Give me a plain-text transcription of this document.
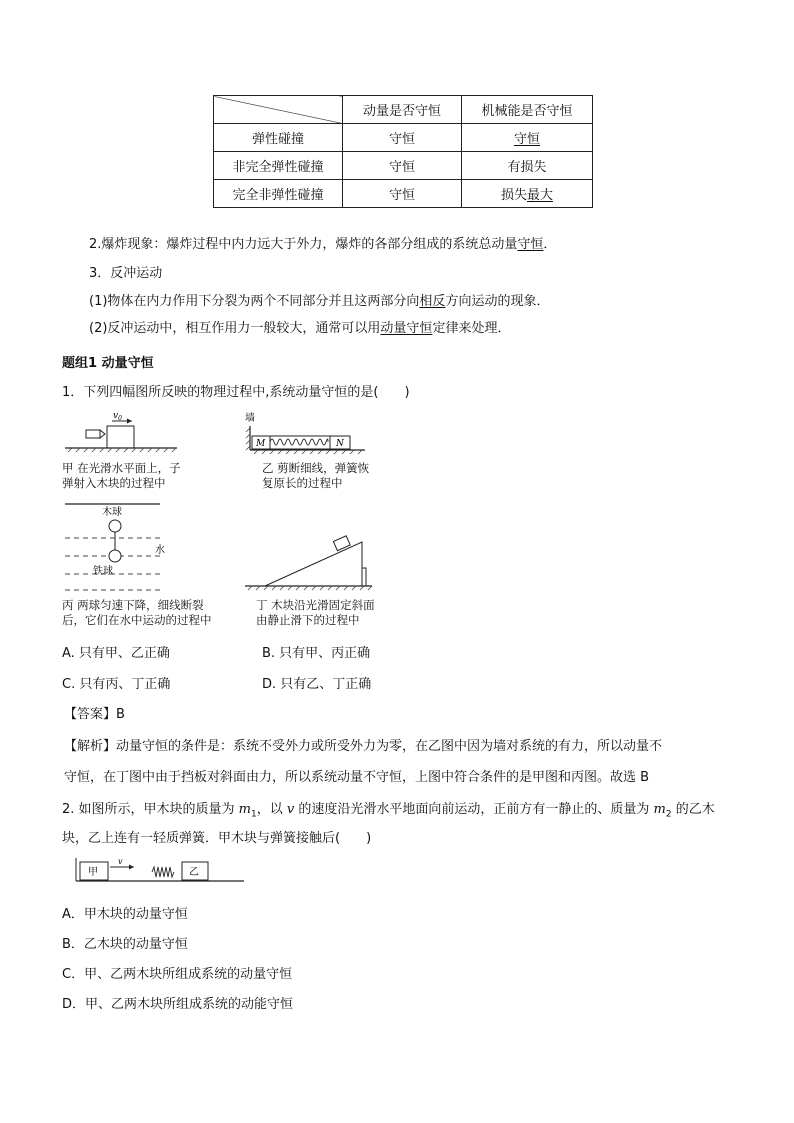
	动量是否守恒	机械能是否守恒
弹性碰撞	守恒	守恒
非完全弹性碰撞	守恒	有损失
完全非弹性碰撞	守恒	损失最大
2.爆炸现象：爆炸过程中内力远大于外力，爆炸的各部分组成的系统总动量守恒．
3．反冲运动
(1)物体在内力作用下分裂为两个不同部分并且这两部分向相反方向运动的现象．
(2)反冲运动中，相互作用力一般较大，通常可以用动量守恒定律来处理．
题组1 动量守恒
1．下列四幅图所反映的物理过程中,系统动量守恒的是(　　)
$v_0$
甲 在光滑水平面上，子
弹射入木块的过程中
墙
M	N
乙 剪断细线，弹簧恢
复原长的过程中
木球
水
铁球
丙 两球匀速下降，细线断裂
后，它们在水中运动的过程中
丁 木块沿光滑固定斜面
由静止滑下的过程中
A. 只有甲、乙正确	B. 只有甲、丙正确
C. 只有丙、丁正确	D. 只有乙、丁正确
【答案】B
【解析】动量守恒的条件是：系统不受外力或所受外力为零，在乙图中因为墙对系统的有力，所以动量不
守恒，在丁图中由于挡板对斜面由力，所以系统动量不守恒，上图中符合条件的是甲图和丙图。故选 B
2. 如图所示，甲木块的质量为 $m_1$，以 v 的速度沿光滑水平地面向前运动，正前方有一静止的、质量为 $m_2$ 的乙木
块，乙上连有一轻质弹簧．甲木块与弹簧接触后(　　)
甲
v
乙
A．甲木块的动量守恒
B．乙木块的动量守恒
C．甲、乙两木块所组成系统的动量守恒
D．甲、乙两木块所组成系统的动能守恒
